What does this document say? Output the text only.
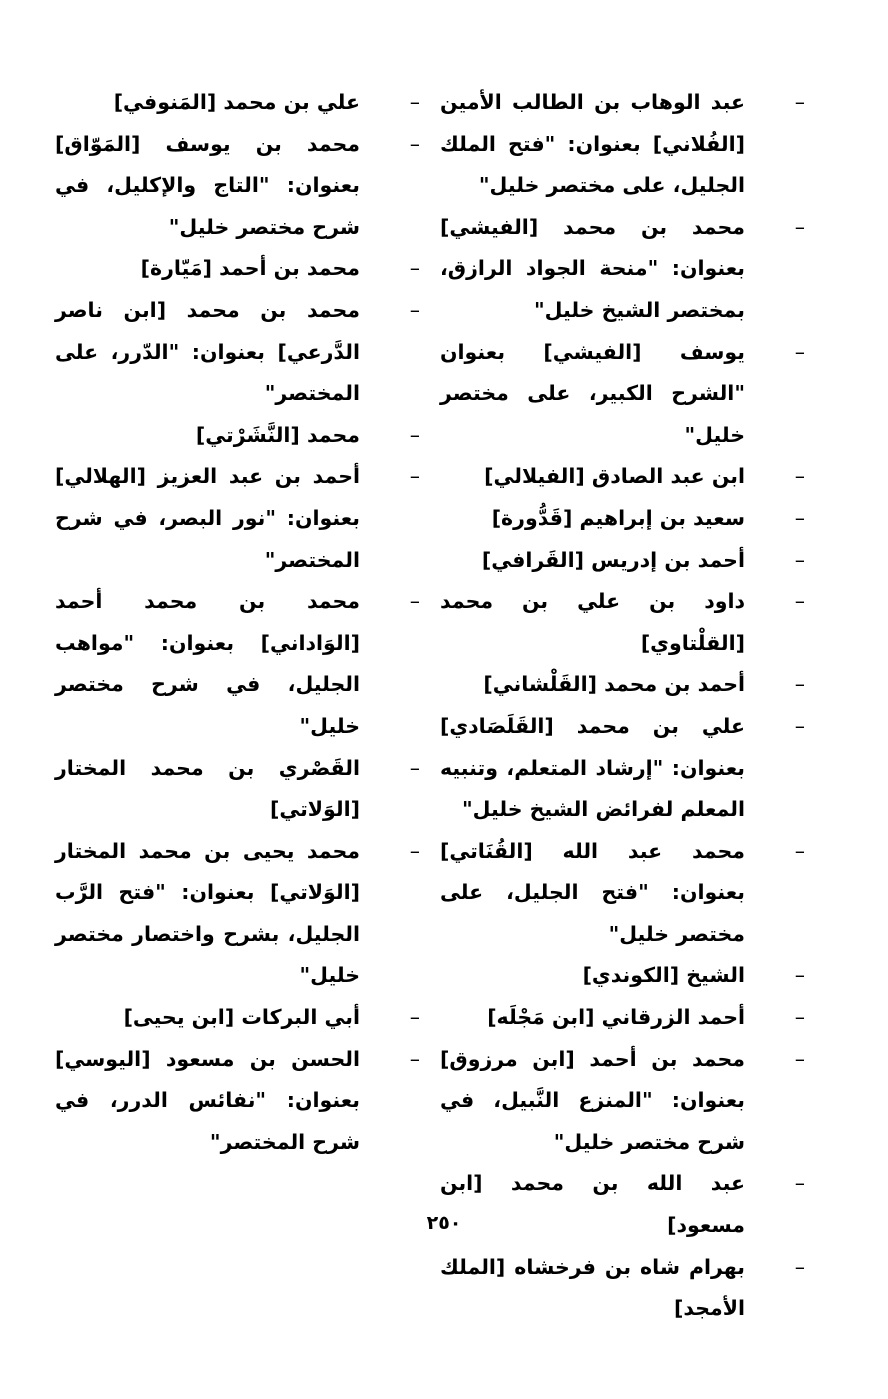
–
عبد الوهاب بن الطالب الأمين [الفُلاني] بعنوان: "فتح الملك الجليل، على مختصر خليل"
–
محمد بن محمد [الفيشي] بعنوان: "منحة الجواد الرازق، بمختصر الشيخ خليل"
–
يوسف [الفيشي] بعنوان "الشرح الكبير، على مختصر خليل"
–
ابن عبد الصادق [الفيلالي]
–
سعيد بن إبراهيم [قَدُّورة]
–
أحمد بن إدريس [القَرافي]
–
داود بن علي بن محمد [القلْتاوي]
–
أحمد بن محمد [القَلْشاني]
–
علي بن محمد [القَلَصَادي] بعنوان: "إرشاد المتعلم، وتنبيه المعلم لفرائض الشيخ خليل"
–
محمد عبد الله [القُنَاتي] بعنوان: "فتح الجليل، على مختصر خليل"
–
الشيخ [الكوندي]
–
أحمد الزرقاني [ابن مَجْلَه]
–
محمد بن أحمد [ابن مرزوق] بعنوان: "المنزع النَّبيل، في شرح مختصر خليل"
–
عبد الله بن محمد [ابن مسعود]
–
بهرام شاه بن فرخشاه [الملك الأمجد]
–
علي بن محمد [المَنوفي]
–
محمد بن يوسف [المَوّاق] بعنوان: "التاج والإكليل، في شرح مختصر خليل"
–
محمد بن أحمد [مَيّارة]
–
محمد بن محمد [ابن ناصر الدَّرعي] بعنوان: "الدّرر، على المختصر"
–
محمد [النَّشَرْتي]
–
أحمد بن عبد العزيز [الهلالي] بعنوان: "نور البصر، في شرح المختصر"
–
محمد بن محمد أحمد [الوَاداني] بعنوان: "مواهب الجليل، في شرح مختصر خليل"
–
القَصْري بن محمد المختار [الوَلاتي]
–
محمد يحيى بن محمد المختار [الوَلاتي] بعنوان: "فتح الرَّب الجليل، بشرح واختصار مختصر خليل"
–
أبي البركات [ابن يحيى]
–
الحسن بن مسعود [اليوسي] بعنوان: "نفائس الدرر، في شرح المختصر"
٢٥٠
